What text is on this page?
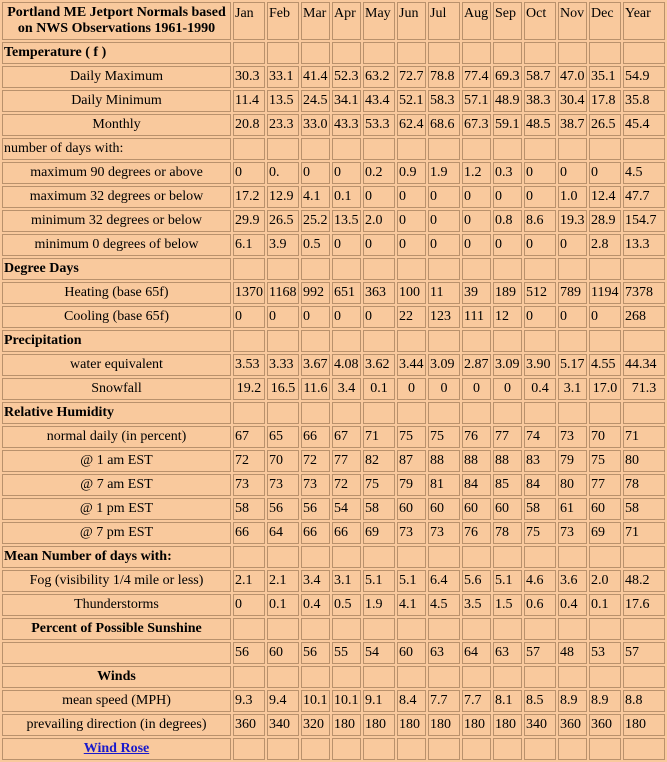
Portland ME Jetport Normals based on NWS Observations 1961-1990	Jan	Feb	Mar	Apr	May	Jun	Jul	Aug	Sep	Oct	Nov	Dec	Year
Temperature ( f )													
Daily Maximum	30.3	33.1	41.4	52.3	63.2	72.7	78.8	77.4	69.3	58.7	47.0	35.1	54.9
Daily Minimum	11.4	13.5	24.5	34.1	43.4	52.1	58.3	57.1	48.9	38.3	30.4	17.8	35.8
Monthly	20.8	23.3	33.0	43.3	53.3	62.4	68.6	67.3	59.1	48.5	38.7	26.5	45.4
number of days with:													
maximum 90 degrees or above	0	0.	0	0	0.2	0.9	1.9	1.2	0.3	0	0	0	4.5
maximum 32 degrees or below	17.2	12.9	4.1	0.1	0	0	0	0	0	0	1.0	12.4	47.7
minimum 32 degrees or below	29.9	26.5	25.2	13.5	2.0	0	0	0	0.8	8.6	19.3	28.9	154.7
minimum 0 degrees of below	6.1	3.9	0.5	0	0	0	0	0	0	0	0	2.8	13.3
Degree Days													
Heating (base 65f)	1370	1168	992	651	363	100	11	39	189	512	789	1194	7378
Cooling (base 65f)	0	0	0	0	0	22	123	111	12	0	0	0	268
Precipitation													
water equivalent	3.53	3.33	3.67	4.08	3.62	3.44	3.09	2.87	3.09	3.90	5.17	4.55	44.34
Snowfall	19.2	16.5	11.6	3.4	0.1	0	0	0	0	0.4	3.1	17.0	71.3
Relative Humidity													
normal daily (in percent)	67	65	66	67	71	75	75	76	77	74	73	70	71
@ 1 am EST	72	70	72	77	82	87	88	88	88	83	79	75	80
@ 7 am EST	73	73	73	72	75	79	81	84	85	84	80	77	78
@ 1 pm EST	58	56	56	54	58	60	60	60	60	58	61	60	58
@ 7 pm EST	66	64	66	66	69	73	73	76	78	75	73	69	71
Mean Number of days with:													
Fog (visibility 1/4 mile or less)	2.1	2.1	3.4	3.1	5.1	5.1	6.4	5.6	5.1	4.6	3.6	2.0	48.2
Thunderstorms	0	0.1	0.4	0.5	1.9	4.1	4.5	3.5	1.5	0.6	0.4	0.1	17.6
Percent of Possible Sunshine													
	56	60	56	55	54	60	63	64	63	57	48	53	57
Winds													
mean speed (MPH)	9.3	9.4	10.1	10.1	9.1	8.4	7.7	7.7	8.1	8.5	8.9	8.9	8.8
prevailing direction (in degrees)	360	340	320	180	180	180	180	180	180	340	360	360	180
Wind Rose													
